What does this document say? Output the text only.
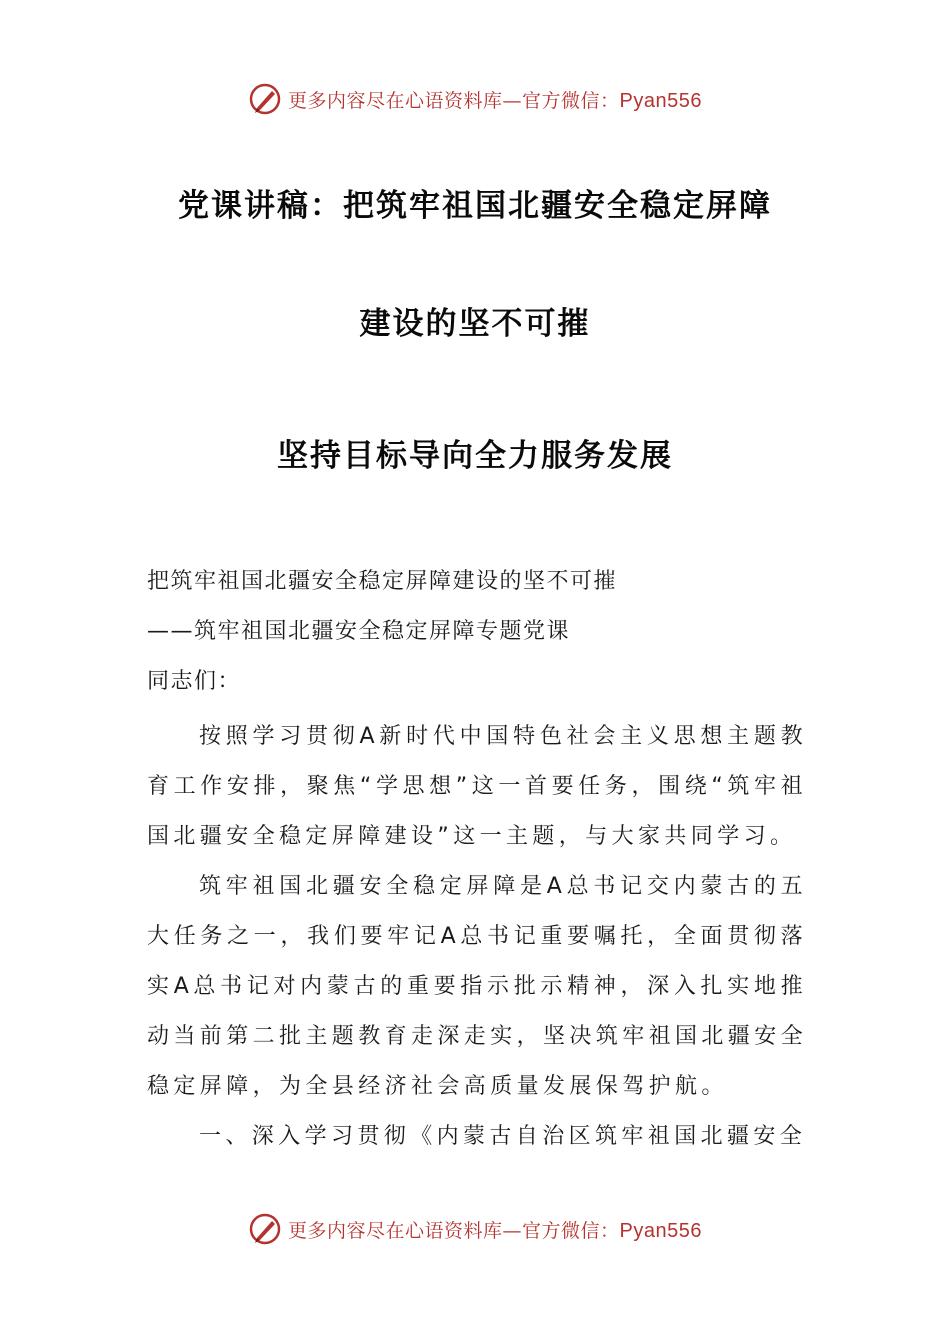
更多内容尽在心语资料库—官方微信：Pyan556
党课讲稿：把筑牢祖国北疆安全稳定屏障
建设的坚不可摧
坚持目标导向全力服务发展
把筑牢祖国北疆安全稳定屏障建设的坚不可摧
——筑牢祖国北疆安全稳定屏障专题党课
同志们：

按照学习贯彻A新时代中国特色社会主义思想主题教育工作安排，聚焦“学思想”这一首要任务，围绕“筑牢祖国北疆安全稳定屏障建设”这一主题，与大家共同学习。

筑牢祖国北疆安全稳定屏障是A总书记交内蒙古的五大任务之一，我们要牢记A总书记重要嘱托，全面贯彻落实A总书记对内蒙古的重要指示批示精神，深入扎实地推动当前第二批主题教育走深走实，坚决筑牢祖国北疆安全稳定屏障，为全县经济社会高质量发展保驾护航。

一、深入学习贯彻《内蒙古自治区筑牢祖国北疆安全

更多内容尽在心语资料库—官方微信：Pyan556
